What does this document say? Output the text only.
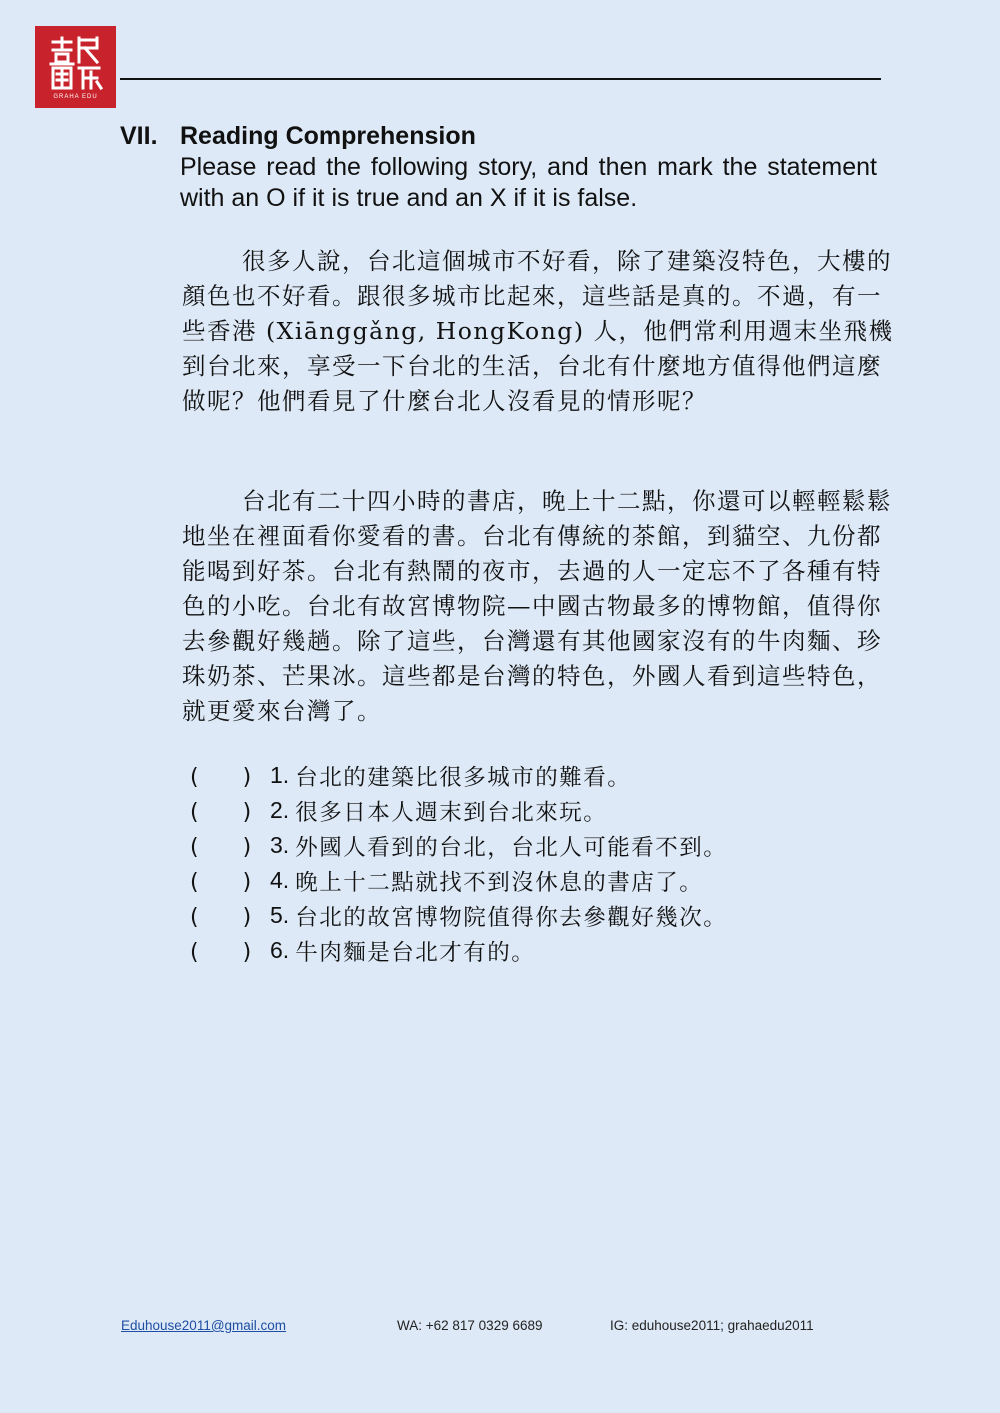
GRAHA EDU
VII. Reading Comprehension
Please read the following story, and then mark the statement with an O if it is true and an X if it is false.

很多人說，台北這個城市不好看，除了建築沒特色，大樓的顏色也不好看。跟很多城市比起來，這些話是真的。不過，有一些香港 (Xiānggǎng, HongKong) 人，他們常利用週末坐飛機到台北來，享受一下台北的生活，台北有什麼地方值得他們這麼做呢？他們看見了什麼台北人沒看見的情形呢？

台北有二十四小時的書店，晚上十二點，你還可以輕輕鬆鬆地坐在裡面看你愛看的書。台北有傳統的茶館，到貓空、九份都能喝到好茶。台北有熱鬧的夜市，去過的人一定忘不了各種有特色的小吃。台北有故宮博物院—中國古物最多的博物館，值得你去參觀好幾趟。除了這些，台灣還有其他國家沒有的牛肉麵、珍珠奶茶、芒果冰。這些都是台灣的特色，外國人看到這些特色，就更愛來台灣了。

(　　) 1. 台北的建築比很多城市的難看。
(　　) 2. 很多日本人週末到台北來玩。
(　　) 3. 外國人看到的台北，台北人可能看不到。
(　　) 4. 晚上十二點就找不到沒休息的書店了。
(　　) 5. 台北的故宮博物院值得你去參觀好幾次。
(　　) 6. 牛肉麵是台北才有的。
Eduhouse2011@gmail.com	WA: +62 817 0329 6689	IG: eduhouse2011; grahaedu2011
